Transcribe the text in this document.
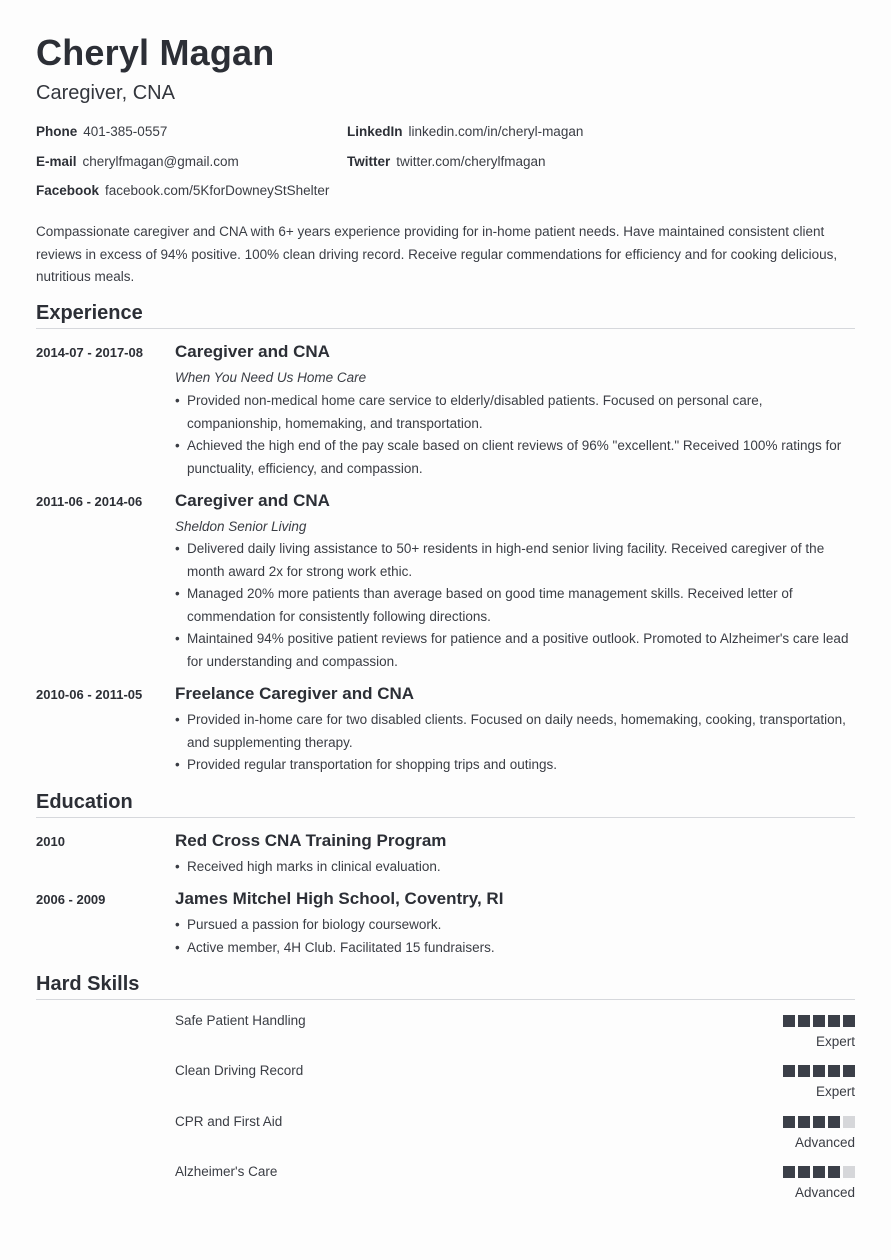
Cheryl Magan
Caregiver, CNA
Phone 401-385-0557	LinkedIn linkedin.com/in/cheryl-magan
E-mail cherylfmagan@gmail.com	Twitter twitter.com/cherylfmagan
Facebook facebook.com/5KforDowneyStShelter
Compassionate caregiver and CNA with 6+ years experience providing for in-home patient needs. Have maintained consistent client reviews in excess of 94% positive. 100% clean driving record. Receive regular commendations for efficiency and for cooking delicious, nutritious meals.
Experience
2014-07 - 2017-08 Caregiver and CNA
When You Need Us Home Care
• Provided non-medical home care service to elderly/disabled patients. Focused on personal care, companionship, homemaking, and transportation.
• Achieved the high end of the pay scale based on client reviews of 96% "excellent." Received 100% ratings for punctuality, efficiency, and compassion.
2011-06 - 2014-06 Caregiver and CNA
Sheldon Senior Living
• Delivered daily living assistance to 50+ residents in high-end senior living facility. Received caregiver of the month award 2x for strong work ethic.
• Managed 20% more patients than average based on good time management skills. Received letter of commendation for consistently following directions.
• Maintained 94% positive patient reviews for patience and a positive outlook. Promoted to Alzheimer's care lead for understanding and compassion.
2010-06 - 2011-05 Freelance Caregiver and CNA
• Provided in-home care for two disabled clients. Focused on daily needs, homemaking, cooking, transportation, and supplementing therapy.
• Provided regular transportation for shopping trips and outings.
Education
2010	Red Cross CNA Training Program
• Received high marks in clinical evaluation.
2006 - 2009	James Mitchel High School, Coventry, RI
• Pursued a passion for biology coursework.
• Active member, 4H Club. Facilitated 15 fundraisers.
Hard Skills
Safe Patient Handling
Expert
Clean Driving Record
Expert
CPR and First Aid
Advanced
Alzheimer's Care
Advanced
